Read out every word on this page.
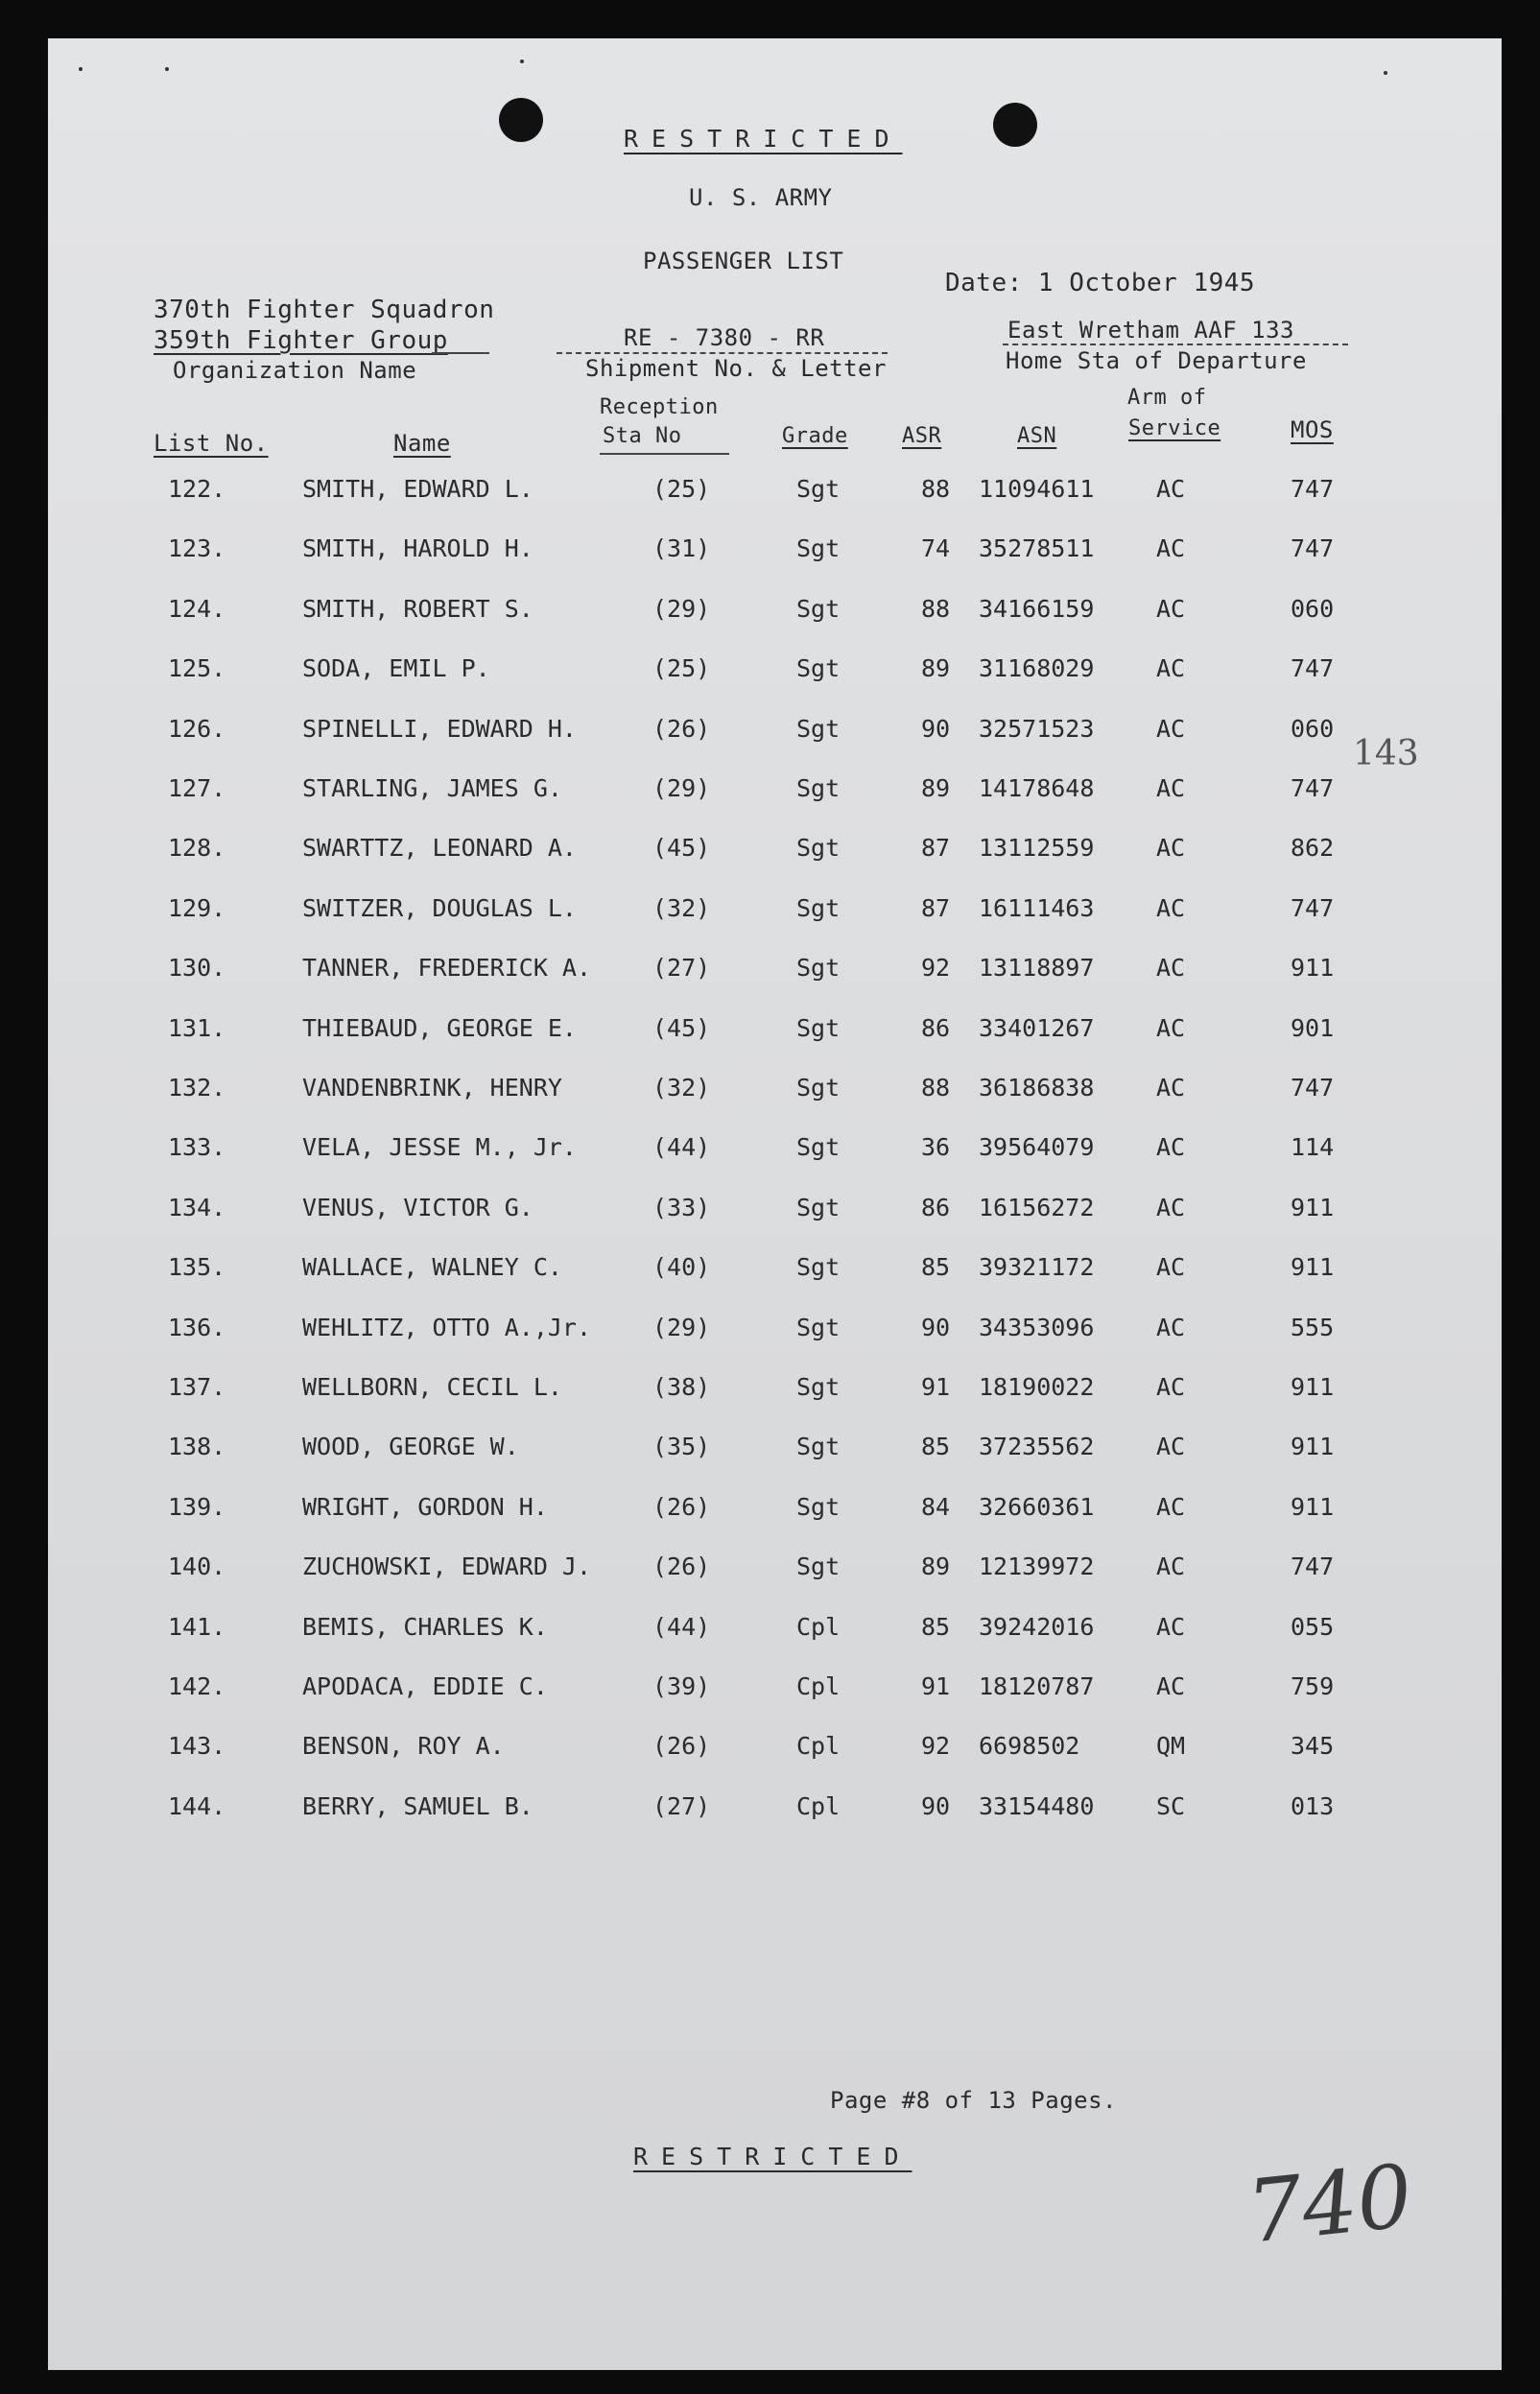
RESTRICTED
U. S. ARMY
PASSENGER LIST
Date: 1 October 1945
370th Fighter Squadron
359th Fighter Group
Organization Name
RE - 7380 - RR
Shipment No. & Letter
East Wretham AAF 133
Home Sta of Departure
List No.	Name
Reception
Sta No	Grade	ASR	ASN
Arm of
Service	MOS
122.	SMITH, EDWARD L.	(25)	Sgt	88 11094611	AC	747
123.	SMITH, HAROLD H.	(31)	Sgt	74 35278511	AC	747
124.	SMITH, ROBERT S.	(29)	Sgt	88 34166159	AC	060
125.	SODA, EMIL P.	(25)	Sgt	89 31168029	AC	747
126.	SPINELLI, EDWARD H.	(26)	Sgt	90 32571523	AC	060
127.	STARLING, JAMES G.	(29)	Sgt	89 14178648	AC	747
128.	SWARTTZ, LEONARD A.	(45)	Sgt	87 13112559	AC	862
129.	SWITZER, DOUGLAS L.	(32)	Sgt	87 16111463	AC	747
130.	TANNER, FREDERICK A.	(27)	Sgt	92 13118897	AC	911
131.	THIEBAUD, GEORGE E.	(45)	Sgt	86 33401267	AC	901
132.	VANDENBRINK, HENRY	(32)	Sgt	88 36186838	AC	747
133.	VELA, JESSE M., Jr.	(44)	Sgt	36 39564079	AC	114
134.	VENUS, VICTOR G.	(33)	Sgt	86 16156272	AC	911
135.	WALLACE, WALNEY C.	(40)	Sgt	85 39321172	AC	911
136.	WEHLITZ, OTTO A.,Jr.	(29)	Sgt	90 34353096	AC	555
137.	WELLBORN, CECIL L.	(38)	Sgt	91 18190022	AC	911
138.	WOOD, GEORGE W.	(35)	Sgt	85 37235562	AC	911
139.	WRIGHT, GORDON H.	(26)	Sgt	84 32660361	AC	911
140.	ZUCHOWSKI, EDWARD J.	(26)	Sgt	89 12139972	AC	747
141.	BEMIS, CHARLES K.	(44)	Cpl	85 39242016	AC	055
142.	APODACA, EDDIE C.	(39)	Cpl	91 18120787	AC	759
143.	BENSON, ROY A.	(26)	Cpl	92 6698502	QM	345
144.	BERRY, SAMUEL B.	(27)	Cpl	90 33154480	SC	013
143
Page #8 of 13 Pages.
RESTRICTED	740
